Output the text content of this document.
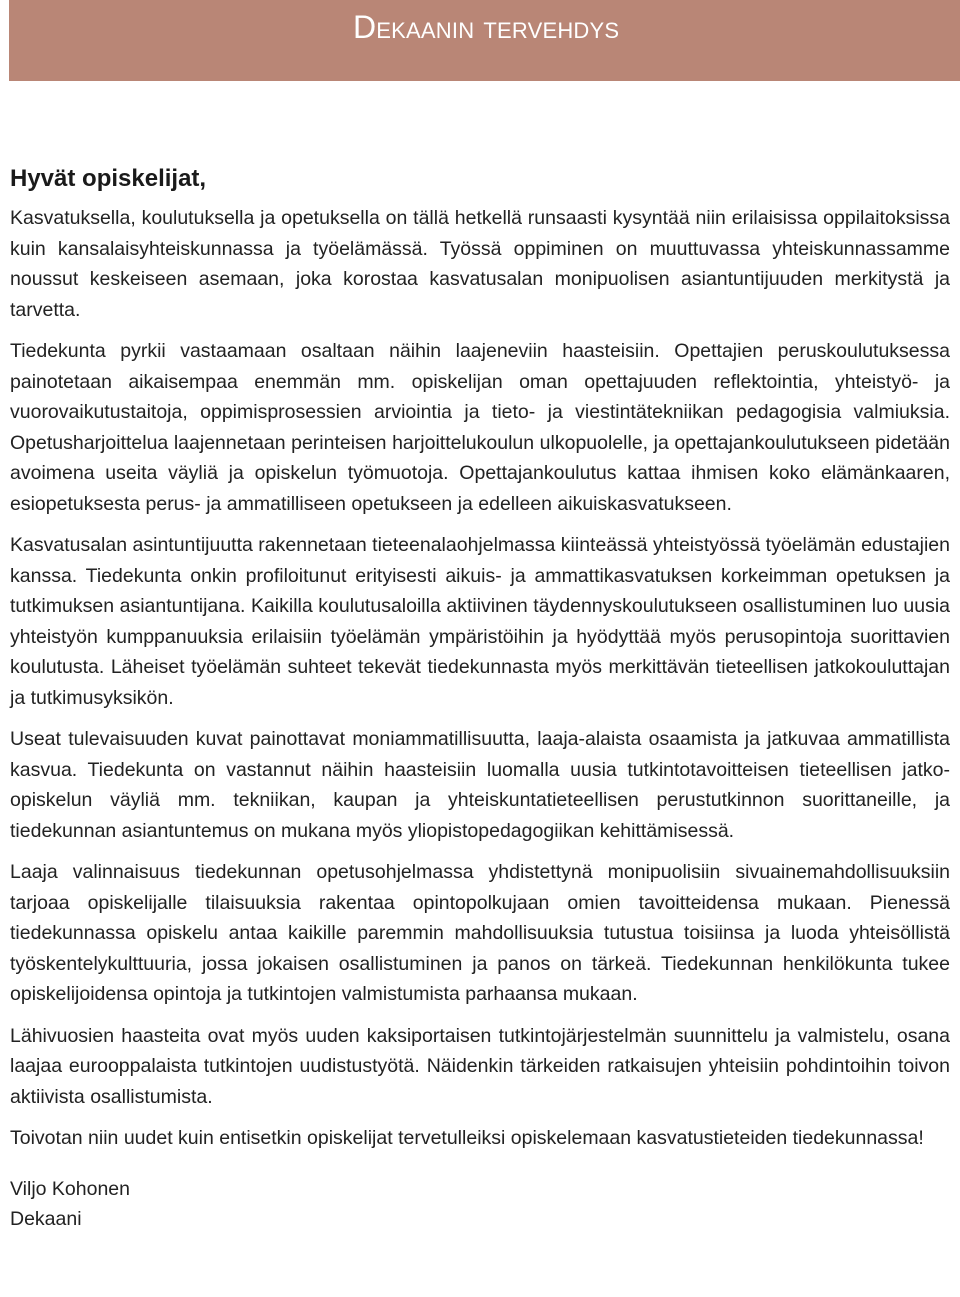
Dekaanin tervehdys
Hyvät opiskelijat,

Kasvatuksella, koulutuksella ja opetuksella on tällä hetkellä runsaasti kysyntää niin erilaisissa oppilaitoksissa kuin kansalaisyhteiskunnassa ja työelämässä. Työssä oppiminen on muuttuvassa yhteiskunnassamme noussut keskeiseen asemaan, joka korostaa kasvatusalan monipuolisen asiantuntijuuden merkitystä ja tarvetta.

Tiedekunta pyrkii vastaamaan osaltaan näihin laajeneviin haasteisiin. Opettajien peruskoulutuksessa painotetaan aikaisempaa enemmän mm. opiskelijan oman opettajuuden reflektointia, yhteistyö- ja vuorovaikutustaitoja, oppimisprosessien arviointia ja tieto- ja viestintätekniikan pedagogisia valmiuksia. Opetusharjoittelua laajennetaan perinteisen harjoittelukoulun ulkopuolelle, ja opettajankoulutukseen pidetään avoimena useita väyliä ja opiskelun työmuotoja. Opettajankoulutus kattaa ihmisen koko elämänkaaren, esiopetuksesta perus- ja ammatilliseen opetukseen ja edelleen aikuiskasvatukseen.

Kasvatusalan asintuntijuutta rakennetaan tieteenalaohjelmassa kiinteässä yhteistyössä työelämän edustajien kanssa. Tiedekunta onkin profiloitunut erityisesti aikuis- ja ammattikasvatuksen korkeimman opetuksen ja tutkimuksen asiantuntijana. Kaikilla koulutusaloilla aktiivinen täydennyskoulutukseen osallistuminen luo uusia yhteistyön kumppanuuksia erilaisiin työelämän ympäristöihin ja hyödyttää myös perusopintoja suorittavien koulutusta. Läheiset työelämän suhteet tekevät tiedekunnasta myös merkittävän tieteellisen jatkokouluttajan ja tutkimusyksikön.

Useat tulevaisuuden kuvat painottavat moniammatillisuutta, laaja-alaista osaamista ja jatkuvaa ammatillista kasvua. Tiedekunta on vastannut näihin haasteisiin luomalla uusia tutkintotavoitteisen tieteellisen jatko-opiskelun väyliä mm. tekniikan, kaupan ja yhteiskuntatieteellisen perustutkinnon suorittaneille, ja tiedekunnan asiantuntemus on mukana myös yliopistopedagogiikan kehittämisessä.

Laaja valinnaisuus tiedekunnan opetusohjelmassa yhdistettynä monipuolisiin sivuainemahdollisuuksiin tarjoaa opiskelijalle tilaisuuksia rakentaa opintopolkujaan omien tavoitteidensa mukaan. Pienessä tiedekunnassa opiskelu antaa kaikille paremmin mahdollisuuksia tutustua toisiinsa ja luoda yhteisöllistä työskentelykulttuuria, jossa jokaisen osallistuminen ja panos on tärkeä. Tiedekunnan henkilökunta tukee opiskelijoidensa opintoja ja tutkintojen valmistumista parhaansa mukaan.

Lähivuosien haasteita ovat myös uuden kaksiportaisen tutkintojärjestelmän suunnittelu ja valmistelu, osana laajaa eurooppalaista tutkintojen uudistustyötä. Näidenkin tärkeiden ratkaisujen yhteisiin pohdintoihin toivon aktiivista osallistumista.

Toivotan niin uudet kuin entisetkin opiskelijat tervetulleiksi opiskelemaan kasvatustieteiden tiedekunnassa!

Viljo Kohonen
Dekaani
